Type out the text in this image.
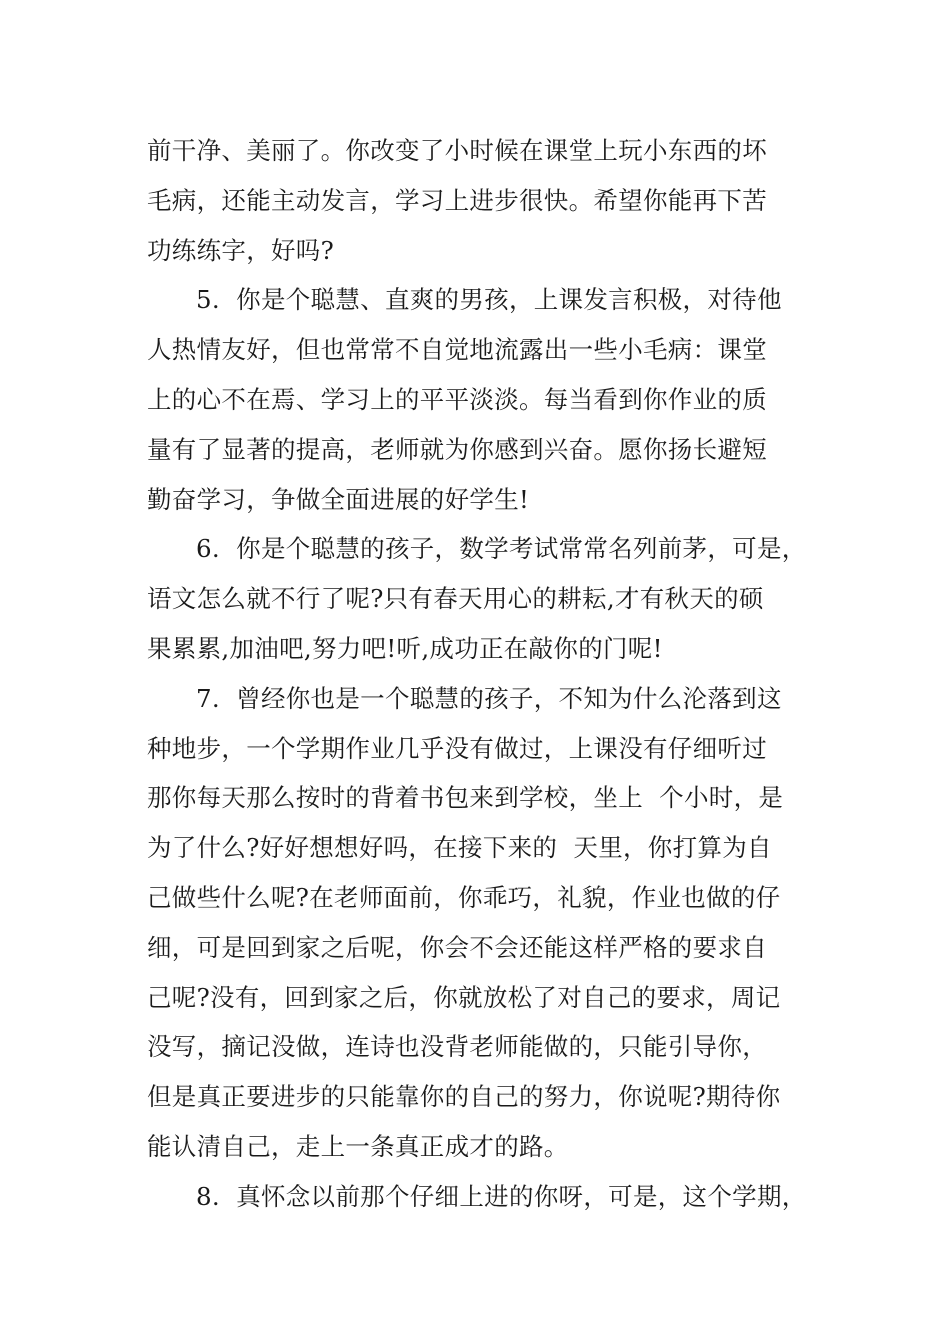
前干净、美丽了。你改变了小时候在课堂上玩小东西的坏
毛病，还能主动发言，学习上进步很快。希望你能再下苦
功练练字，好吗?
5.  你是个聪慧、直爽的男孩，上课发言积极，对待他
人热情友好，但也常常不自觉地流露出一些小毛病：课堂
上的心不在焉、学习上的平平淡淡。每当看到你作业的质
量有了显著的提高，老师就为你感到兴奋。愿你扬长避短
勤奋学习，争做全面进展的好学生!
6.  你是个聪慧的孩子，数学考试常常名列前茅，可是，
语文怎么就不行了呢?只有春天用心的耕耘,才有秋天的硕
果累累,加油吧,努力吧!听,成功正在敲你的门呢!
7.  曾经你也是一个聪慧的孩子，不知为什么沦落到这
种地步，一个学期作业几乎没有做过，上课没有仔细听过
那你每天那么按时的背着书包来到学校，坐上  个小时，是
为了什么?好好想想好吗，在接下来的  天里，你打算为自
己做些什么呢?在老师面前，你乖巧，礼貌，作业也做的仔
细，可是回到家之后呢，你会不会还能这样严格的要求自
己呢?没有，回到家之后，你就放松了对自己的要求，周记
没写，摘记没做，连诗也没背老师能做的，只能引导你，
但是真正要进步的只能靠你的自己的努力，你说呢?期待你
能认清自己，走上一条真正成才的路。
8.  真怀念以前那个仔细上进的你呀，可是，这个学期，
